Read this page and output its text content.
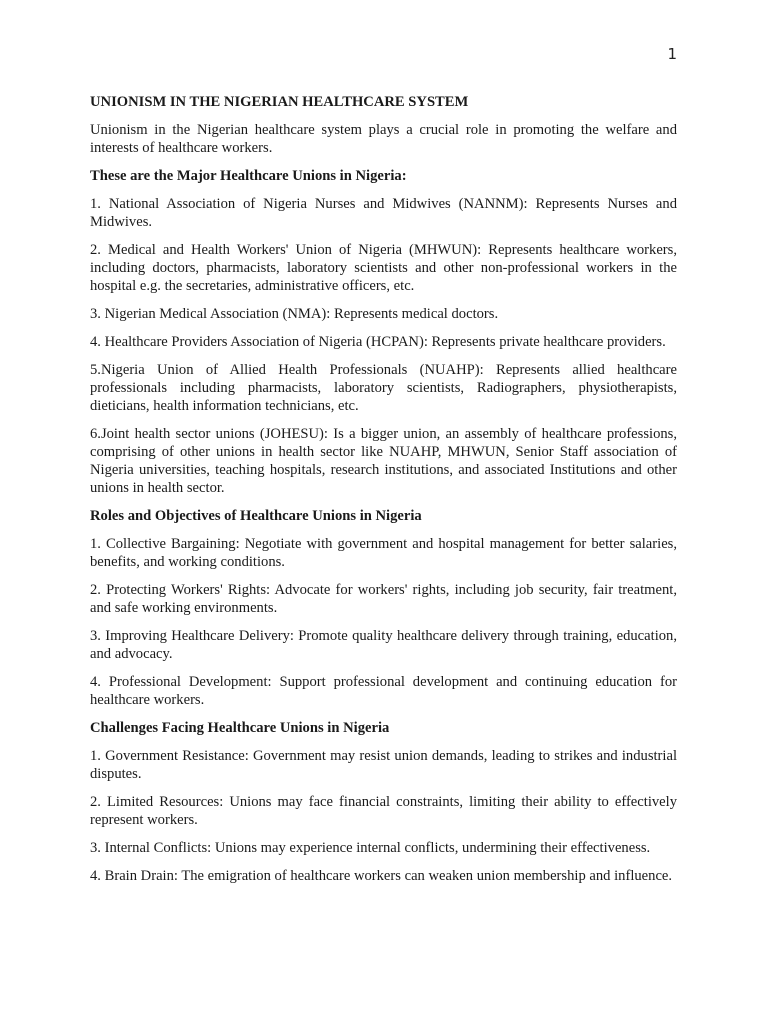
1

UNIONISM IN THE NIGERIAN HEALTHCARE SYSTEM

Unionism in the Nigerian healthcare system plays a crucial role in promoting the welfare and interests of healthcare workers.

These are the Major Healthcare Unions in Nigeria:

1. National Association of Nigeria Nurses and Midwives (NANNM): Represents Nurses and Midwives.

2. Medical and Health Workers' Union of Nigeria (MHWUN): Represents healthcare workers, including doctors, pharmacists, laboratory scientists and other non-professional workers in the hospital e.g. the secretaries, administrative officers, etc.

3. Nigerian Medical Association (NMA): Represents medical doctors.

4. Healthcare Providers Association of Nigeria (HCPAN): Represents private healthcare providers.

5.Nigeria Union of Allied Health Professionals (NUAHP): Represents allied healthcare professionals including pharmacists, laboratory scientists, Radiographers, physiotherapists, dieticians, health information technicians, etc.

6.Joint health sector unions (JOHESU): Is a bigger union, an assembly of healthcare professions, comprising of other unions in health sector like NUAHP, MHWUN, Senior Staff association of Nigeria universities, teaching hospitals, research institutions, and associated Institutions and other unions in health sector.

Roles and Objectives of Healthcare Unions in Nigeria

1. Collective Bargaining: Negotiate with government and hospital management for better salaries, benefits, and working conditions.

2. Protecting Workers' Rights: Advocate for workers' rights, including job security, fair treatment, and safe working environments.

3. Improving Healthcare Delivery: Promote quality healthcare delivery through training, education, and advocacy.

4. Professional Development: Support professional development and continuing education for healthcare workers.

Challenges Facing Healthcare Unions in Nigeria

1. Government Resistance: Government may resist union demands, leading to strikes and industrial disputes.

2. Limited Resources: Unions may face financial constraints, limiting their ability to effectively represent workers.

3. Internal Conflicts: Unions may experience internal conflicts, undermining their effectiveness.

4. Brain Drain: The emigration of healthcare workers can weaken union membership and influence.
